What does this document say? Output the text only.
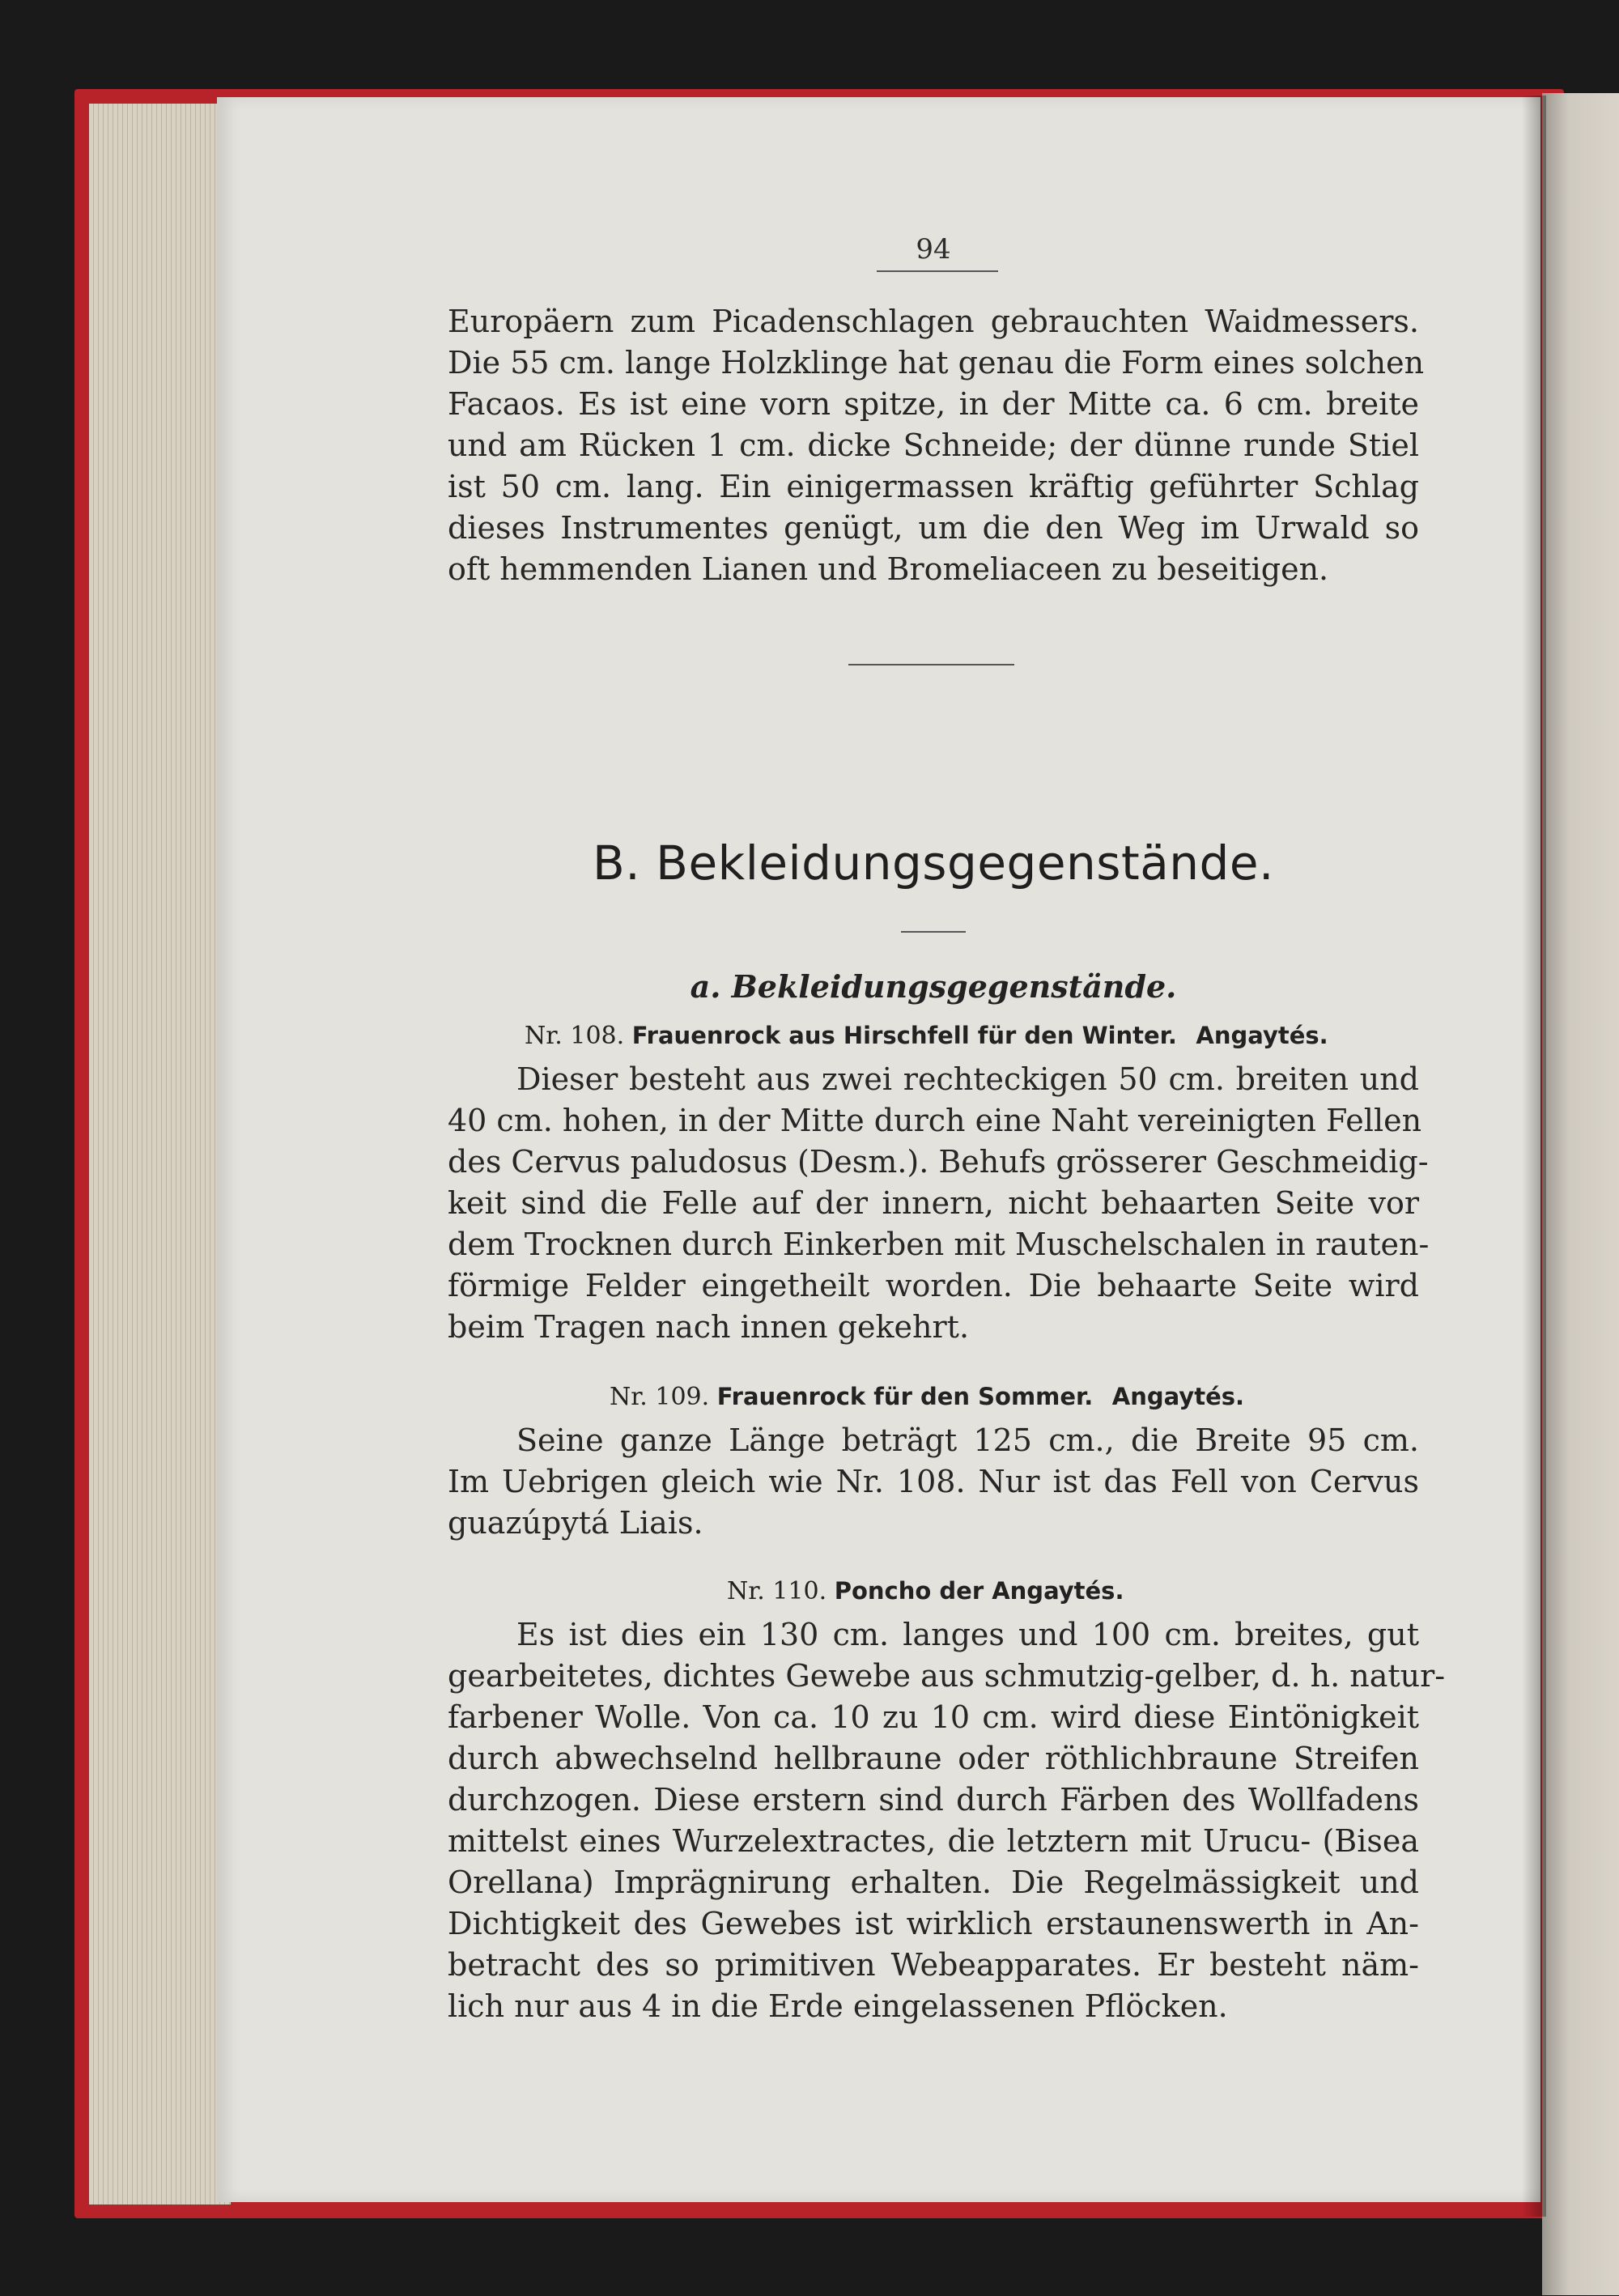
94
Europäern zum Picadenschlagen gebrauchten Waidmessers.
Die 55 cm. lange Holzklinge hat genau die Form eines solchen
Facaos. Es ist eine vorn spitze, in der Mitte ca. 6 cm. breite
und am Rücken 1 cm. dicke Schneide; der dünne runde Stiel
ist 50 cm. lang. Ein einigermassen kräftig geführter Schlag
dieses Instrumentes genügt, um die den Weg im Urwald so
oft hemmenden Lianen und Bromeliaceen zu beseitigen.
B. Bekleidungsgegenstände.
a. Bekleidungsgegenstände.
Nr. 108. Frauenrock aus Hirschfell für den Winter. Angaytés.
Dieser besteht aus zwei rechteckigen 50 cm. breiten und
40 cm. hohen, in der Mitte durch eine Naht vereinigten Fellen
des Cervus paludosus (Desm.). Behufs grösserer Geschmeidig-
keit sind die Felle auf der innern, nicht behaarten Seite vor
dem Trocknen durch Einkerben mit Muschelschalen in rauten-
förmige Felder eingetheilt worden. Die behaarte Seite wird
beim Tragen nach innen gekehrt.
Nr. 109. Frauenrock für den Sommer. Angaytés.
Seine ganze Länge beträgt 125 cm., die Breite 95 cm.
Im Uebrigen gleich wie Nr. 108. Nur ist das Fell von Cervus
guazúpytá Liais.
Nr. 110. Poncho der Angaytés.
Es ist dies ein 130 cm. langes und 100 cm. breites, gut
gearbeitetes, dichtes Gewebe aus schmutzig-gelber, d. h. natur-
farbener Wolle. Von ca. 10 zu 10 cm. wird diese Eintönigkeit
durch abwechselnd hellbraune oder röthlichbraune Streifen
durchzogen. Diese erstern sind durch Färben des Wollfadens
mittelst eines Wurzelextractes, die letztern mit Urucu- (Bisea
Orellana) Imprägnirung erhalten. Die Regelmässigkeit und
Dichtigkeit des Gewebes ist wirklich erstaunenswerth in An-
betracht des so primitiven Webeapparates. Er besteht näm-
lich nur aus 4 in die Erde eingelassenen Pflöcken.
